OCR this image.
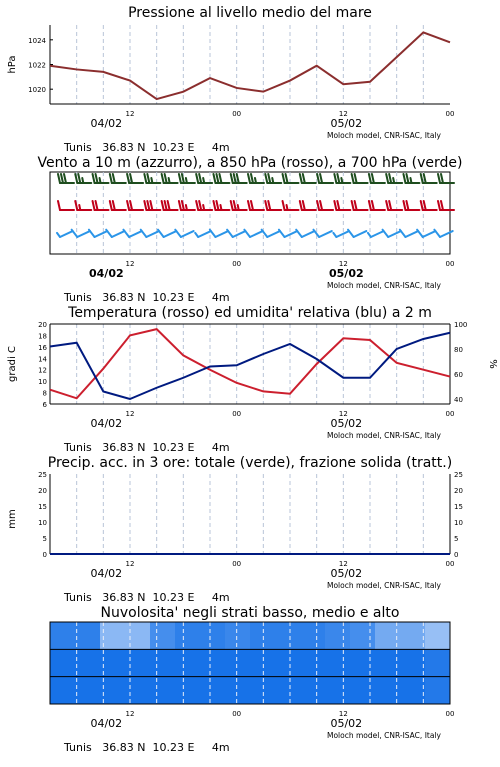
Pressione al livello medio del mare
12	00	12	00
04/02	05/02
1020
1022
1024
hPa

Tunis 36.83 N 10.23 E 4m

Moloch model, CNR-ISAC, Italy
Vento a 10 m (azzurro), a 850 hPa (rosso), a 700 hPa (verde)
12	00	12	00
04/02	05/02

Tunis 36.83 N 10.23 E 4m

Moloch model, CNR-ISAC, Italy
Temperatura (rosso) ed umidita' relativa (blu) a 2 m
12	00	12	00
04/02	05/02
6
8
10
12
14
16
18
20
40
60
80
100
gradi C	%

Tunis 36.83 N 10.23 E 4m

Moloch model, CNR-ISAC, Italy
Precip. acc. in 3 ore: totale (verde), frazione solida (tratt.)
12	00	12	00
04/02	05/02
0	0
5	5
10	10
15	15
20	20
25	25
mm

Tunis 36.83 N 10.23 E 4m

Moloch model, CNR-ISAC, Italy
Nuvolosita' negli strati basso, medio e alto
12	00	12	00
04/02	05/02

Tunis 36.83 N 10.23 E 4m

Moloch model, CNR-ISAC, Italy
